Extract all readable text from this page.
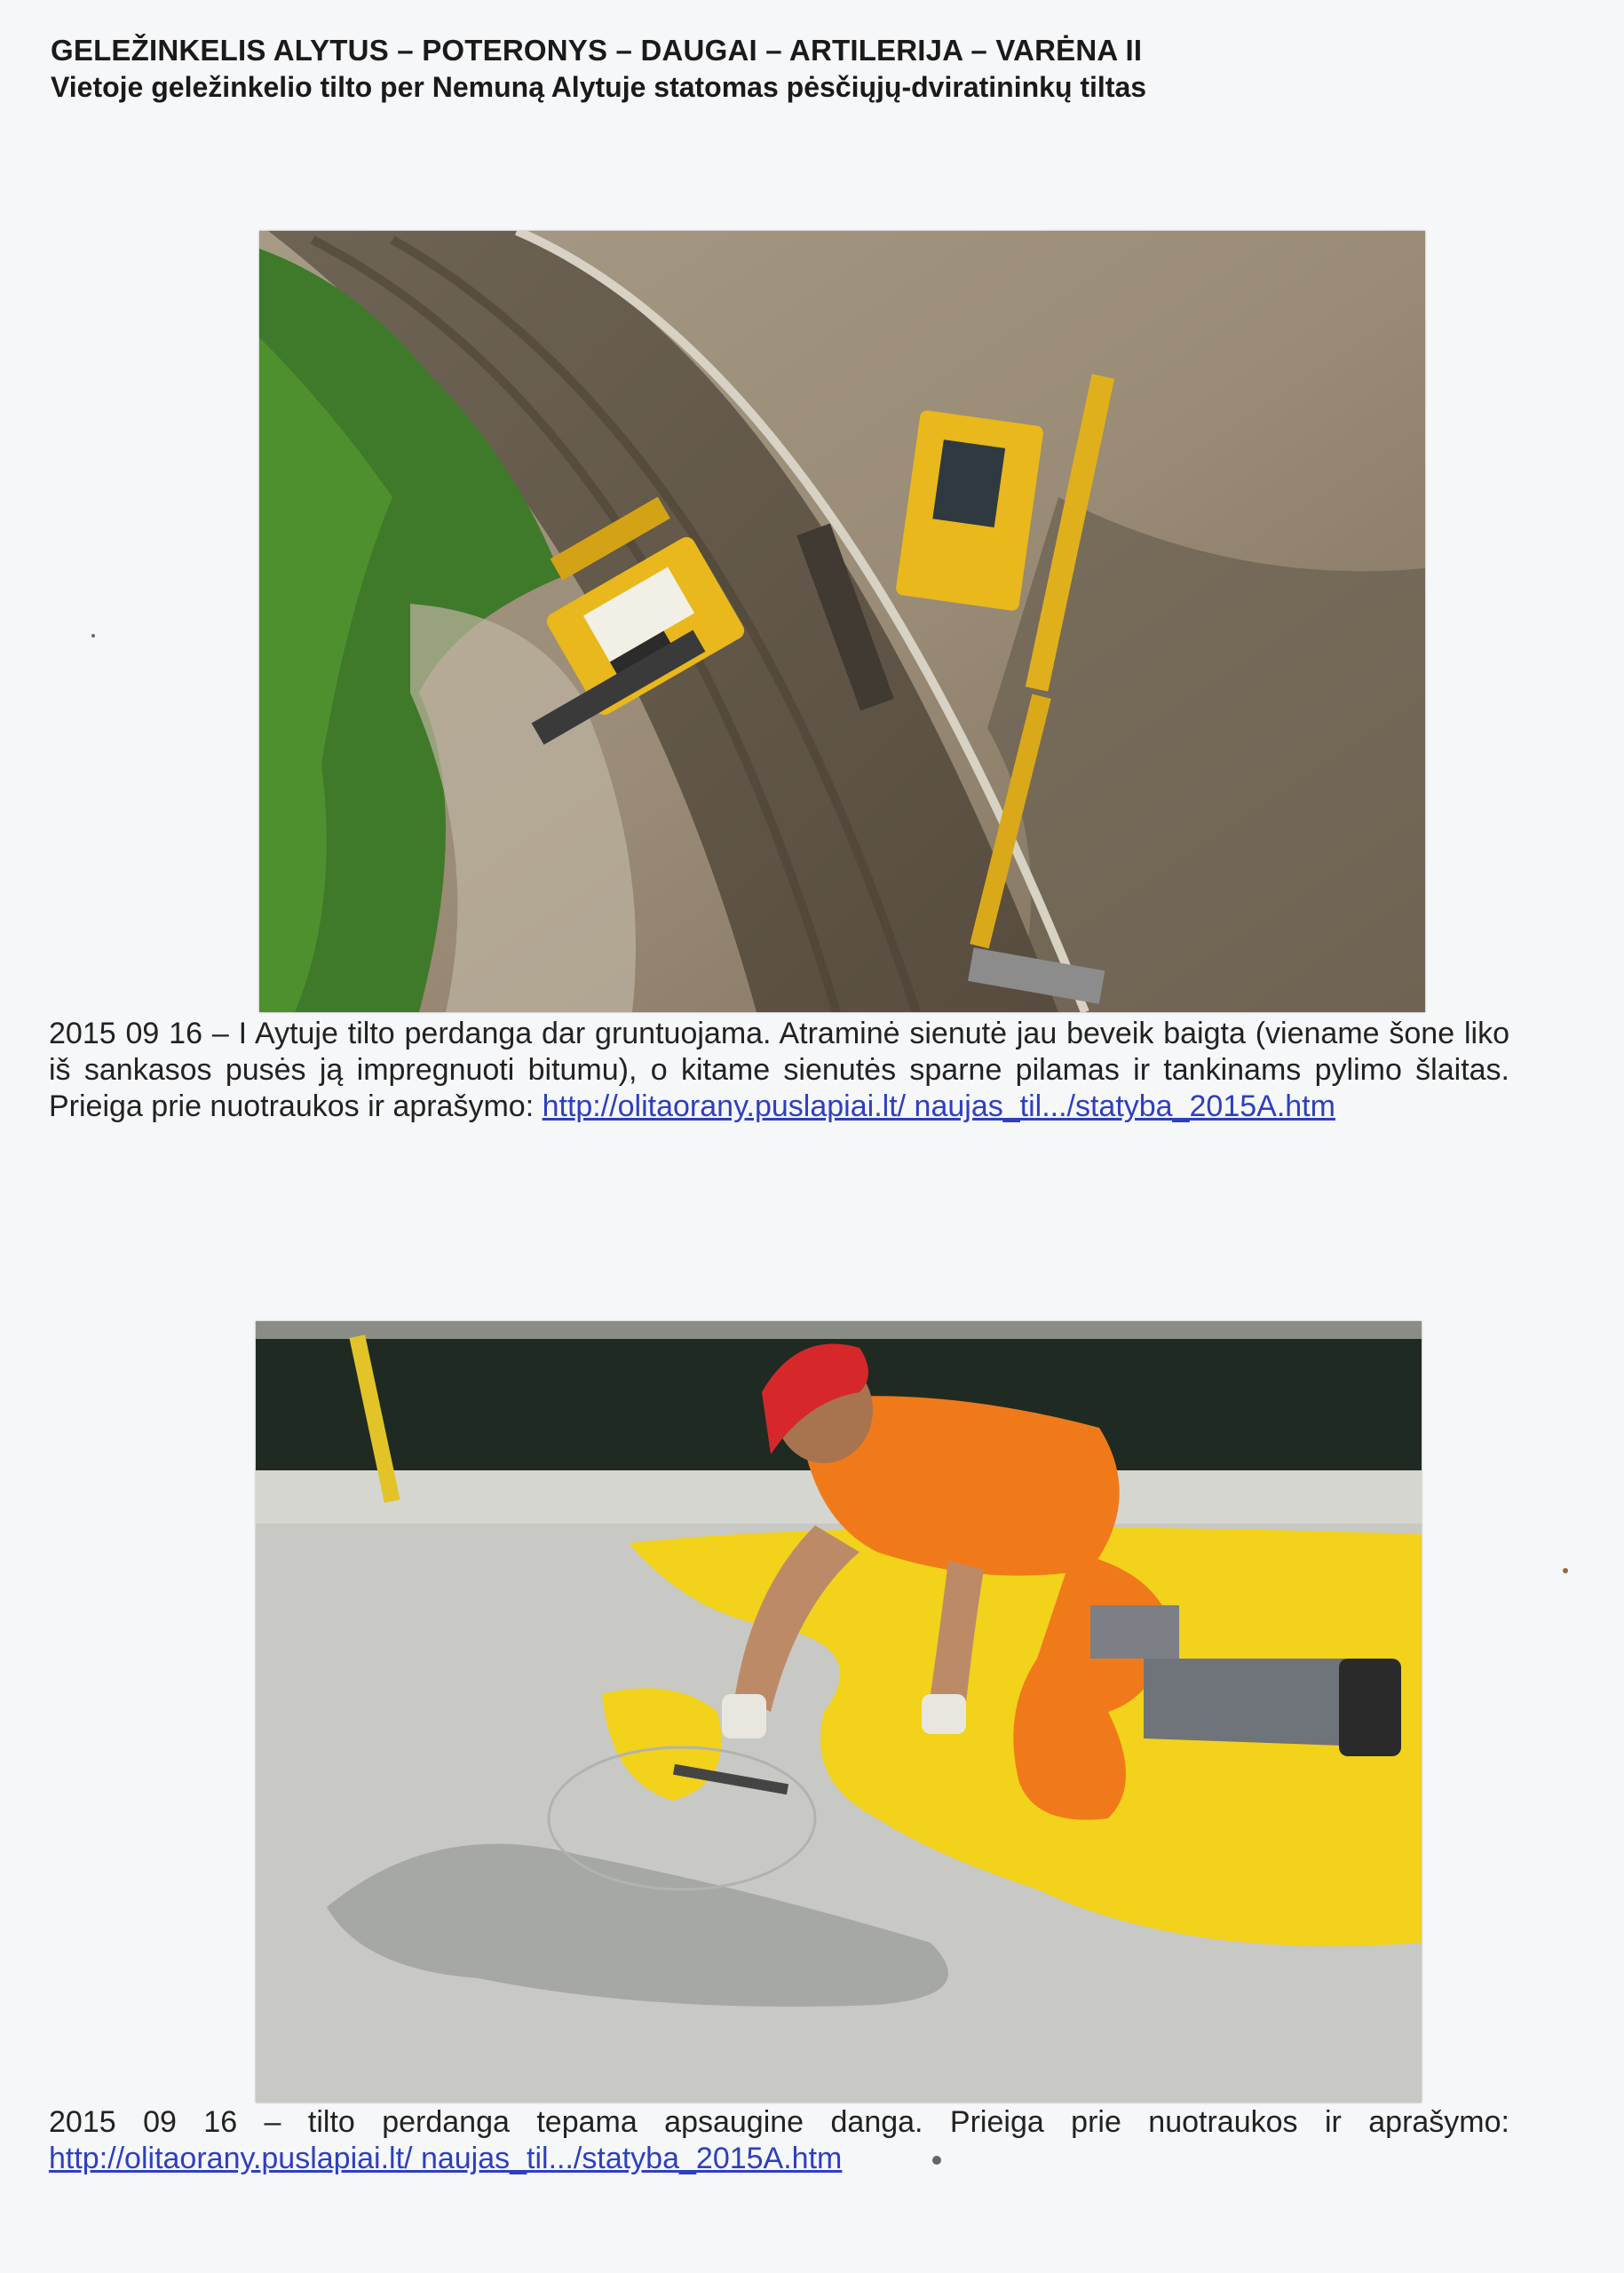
GELEŽINKELIS ALYTUS – POTERONYS – DAUGAI – ARTILERIJA – VARĖNA II
Vietoje geležinkelio tilto per Nemuną Alytuje statomas pėsčiųjų-dviratininkų tiltas
2015 09 16 – I Aytuje tilto perdanga dar gruntuojama. Atraminė sienutė jau beveik baigta (viename šone liko iš sankasos pusės ją impregnuoti bitumu), o kitame sienutės sparne pilamas ir tankinams pylimo šlaitas. Prieiga prie nuotraukos ir aprašymo: http://olitaorany.puslapiai.lt/ naujas_til.../statyba_2015A.htm
2015 09 16 – tilto perdanga tepama apsaugine danga. Prieiga prie nuotraukos ir aprašymo: http://olitaorany.puslapiai.lt/ naujas_til.../statyba_2015A.htm
